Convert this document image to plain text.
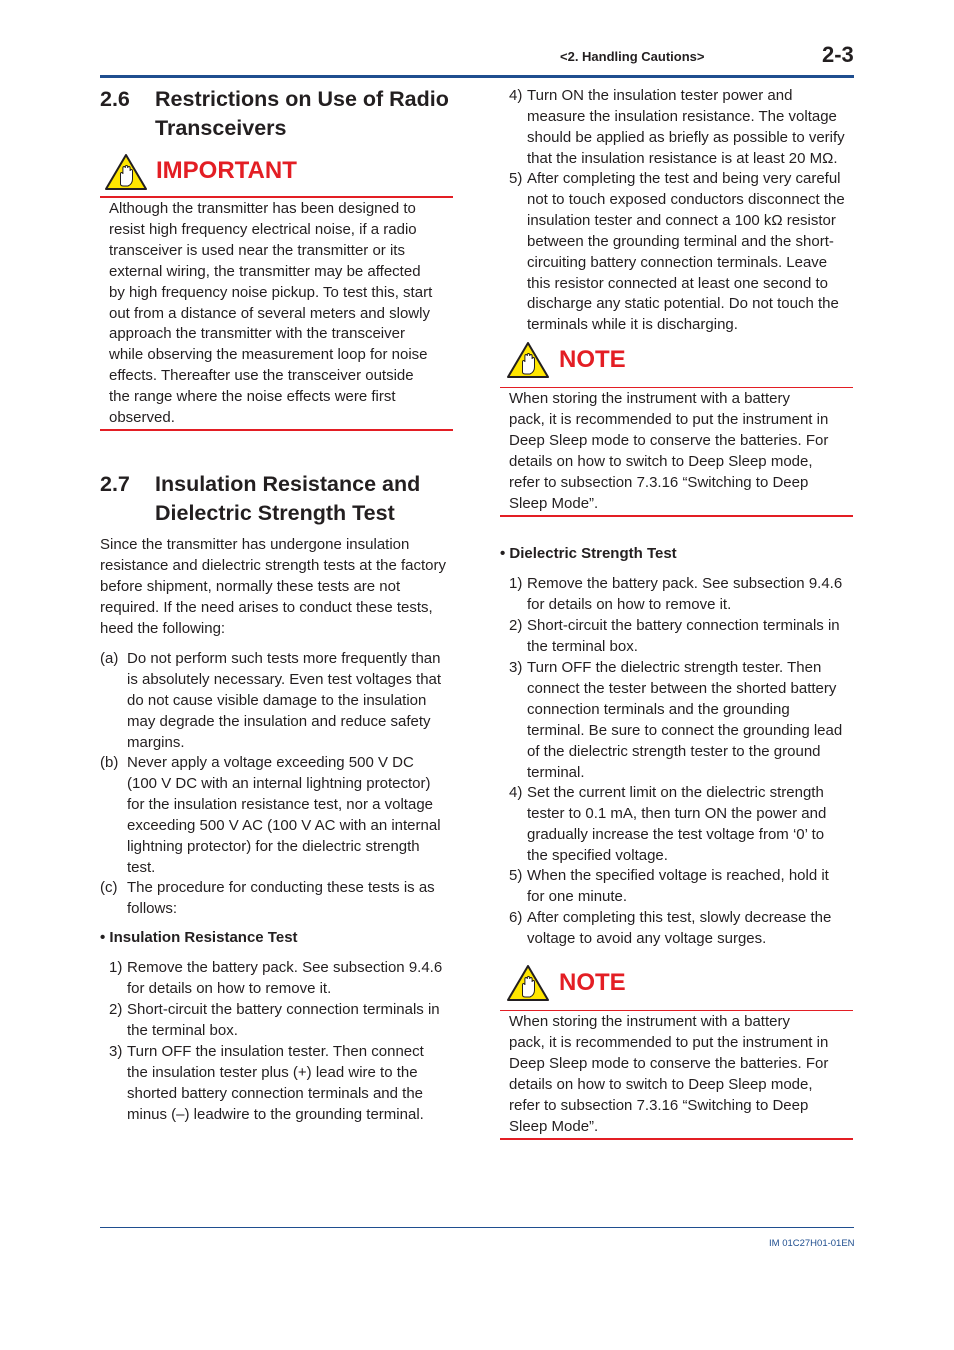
<2. Handling Cautions>	2-3
2.6 Restrictions on Use of Radio
Transceivers
IMPORTANT
Although the transmitter has been designed to
resist high frequency electrical noise, if a radio
transceiver is used near the transmitter or its
external wiring, the transmitter may be affected
by high frequency noise pickup. To test this, start
out from a distance of several meters and slowly
approach the transmitter with the transceiver
while observing the measurement loop for noise
effects. Thereafter use the transceiver outside
the range where the noise effects were first
observed.
2.7 Insulation Resistance and
Dielectric Strength Test
Since the transmitter has undergone insulation
resistance and dielectric strength tests at the factory
before shipment, normally these tests are not
required. If the need arises to conduct these tests,
heed the following:
(a) Do not perform such tests more frequently than
is absolutely necessary. Even test voltages that
do not cause visible damage to the insulation
may degrade the insulation and reduce safety
margins.
(b) Never apply a voltage exceeding 500 V DC
(100 V DC with an internal lightning protector)
for the insulation resistance test, nor a voltage
exceeding 500 V AC (100 V AC with an internal
lightning protector) for the dielectric strength
test.
(c) The procedure for conducting these tests is as
follows:
• Insulation Resistance Test
1) Remove the battery pack. See subsection 9.4.6
for details on how to remove it.
2) Short-circuit the battery connection terminals in
the terminal box.
3) Turn OFF the insulation tester. Then connect
the insulation tester plus (+) lead wire to the
shorted battery connection terminals and the
minus (–) leadwire to the grounding terminal.
4) Turn ON the insulation tester power and
measure the insulation resistance. The voltage
should be applied as briefly as possible to verify
that the insulation resistance is at least 20 MΩ.
5) After completing the test and being very careful
not to touch exposed conductors disconnect the
insulation tester and connect a 100 kΩ resistor
between the grounding terminal and the short-
circuiting battery connection terminals. Leave
this resistor connected at least one second to
discharge any static potential. Do not touch the
terminals while it is discharging.
NOTE
When storing the instrument with a battery
pack, it is recommended to put the instrument in
Deep Sleep mode to conserve the batteries. For
details on how to switch to Deep Sleep mode,
refer to subsection 7.3.16 “Switching to Deep
Sleep Mode”.
• Dielectric Strength Test
1) Remove the battery pack. See subsection 9.4.6
for details on how to remove it.
2) Short-circuit the battery connection terminals in
the terminal box.
3) Turn OFF the dielectric strength tester. Then
connect the tester between the shorted battery
connection terminals and the grounding
terminal. Be sure to connect the grounding lead
of the dielectric strength tester to the ground
terminal.
4) Set the current limit on the dielectric strength
tester to 0.1 mA, then turn ON the power and
gradually increase the test voltage from ‘0’ to
the specified voltage.
5) When the specified voltage is reached, hold it
for one minute.
6) After completing this test, slowly decrease the
voltage to avoid any voltage surges.
NOTE
When storing the instrument with a battery
pack, it is recommended to put the instrument in
Deep Sleep mode to conserve the batteries. For
details on how to switch to Deep Sleep mode,
refer to subsection 7.3.16 “Switching to Deep
Sleep Mode”.
IM 01C27H01-01EN
